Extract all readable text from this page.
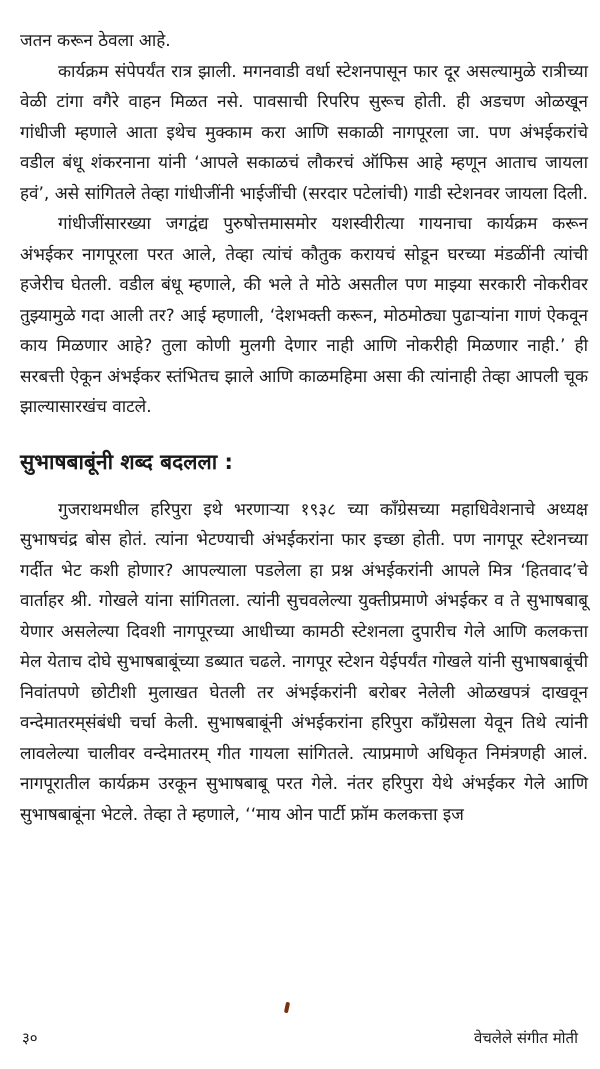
जतन करून ठेवला आहे.

कार्यक्रम संपेपर्यंत रात्र झाली. मगनवाडी वर्धा स्टेशनपासून फार दूर असल्यामुळे रात्रीच्या वेळी टांगा वगैरे वाहन मिळत नसे. पावसाची रिपरिप सुरूच होती. ही अडचण ओळखून गांधीजी म्हणाले आता इथेच मुक्काम करा आणि सकाळी नागपूरला जा. पण अंभईकरांचे वडील बंधू शंकरनाना यांनी ‘आपले सकाळचं लौकरचं ऑफिस आहे म्हणून आताच जायला हवं’, असे सांगितले तेव्हा गांधीजींनी भाईजींची (सरदार पटेलांची) गाडी स्टेशनवर जायला दिली.

गांधीजींसारख्या जगद्वंद्य पुरुषोत्तमासमोर यशस्वीरीत्या गायनाचा कार्यक्रम करून अंभईकर नागपूरला परत आले, तेव्हा त्यांचं कौतुक करायचं सोडून घरच्या मंडळींनी त्यांची हजेरीच घेतली. वडील बंधू म्हणाले, की भले ते मोठे असतील पण माझ्या सरकारी नोकरीवर तुझ्यामुळे गदा आली तर? आई म्हणाली, ‘देशभक्ती करून, मोठमोठ्या पुढाऱ्यांना गाणं ऐकवून काय मिळणार आहे? तुला कोणी मुलगी देणार नाही आणि नोकरीही मिळणार नाही.’ ही सरबत्ती ऐकून अंभईकर स्तंभितच झाले आणि काळमहिमा असा की त्यांनाही तेव्हा आपली चूक झाल्यासारखंच वाटले.

सुभाषबाबूंनी शब्द बदलला :

गुजराथमधील हरिपुरा इथे भरणाऱ्या १९३८ च्या काँग्रेसच्या महाधिवेशनाचे अध्यक्ष सुभाषचंद्र बोस होतं. त्यांना भेटण्याची अंभईकरांना फार इच्छा होती. पण नागपूर स्टेशनच्या गर्दीत भेट कशी होणार? आपल्याला पडलेला हा प्रश्न अंभईकरांनी आपले मित्र ‘हितवाद’चे वार्ताहर श्री. गोखले यांना सांगितला. त्यांनी सुचवलेल्या युक्तीप्रमाणे अंभईकर व ते सुभाषबाबू येणार असलेल्या दिवशी नागपूरच्या आधीच्या कामठी स्टेशनला दुपारीच गेले आणि कलकत्ता मेल येताच दोघे सुभाषबाबूंच्या डब्यात चढले. नागपूर स्टेशन येईपर्यंत गोखले यांनी सुभाषबाबूंची निवांतपणे छोटीशी मुलाखत घेतली तर अंभईकरांनी बरोबर नेलेली ओळखपत्रं दाखवून वन्देमातरम्‌संबंधी चर्चा केली. सुभाषबाबूंनी अंभईकरांना हरिपुरा काँग्रेसला येवून तिथे त्यांनी लावलेल्या चालीवर वन्देमातरम् गीत गायला सांगितले. त्याप्रमाणे अधिकृत निमंत्रणही आलं. नागपूरातील कार्यक्रम उरकून सुभाषबाबू परत गेले. नंतर हरिपुरा येथे अंभईकर गेले आणि सुभाषबाबूंना भेटले. तेव्हा ते म्हणाले, ‘‘माय ओन पार्टी फ्रॉम कलकत्ता इज

३०	वेचलेले संगीत मोती
